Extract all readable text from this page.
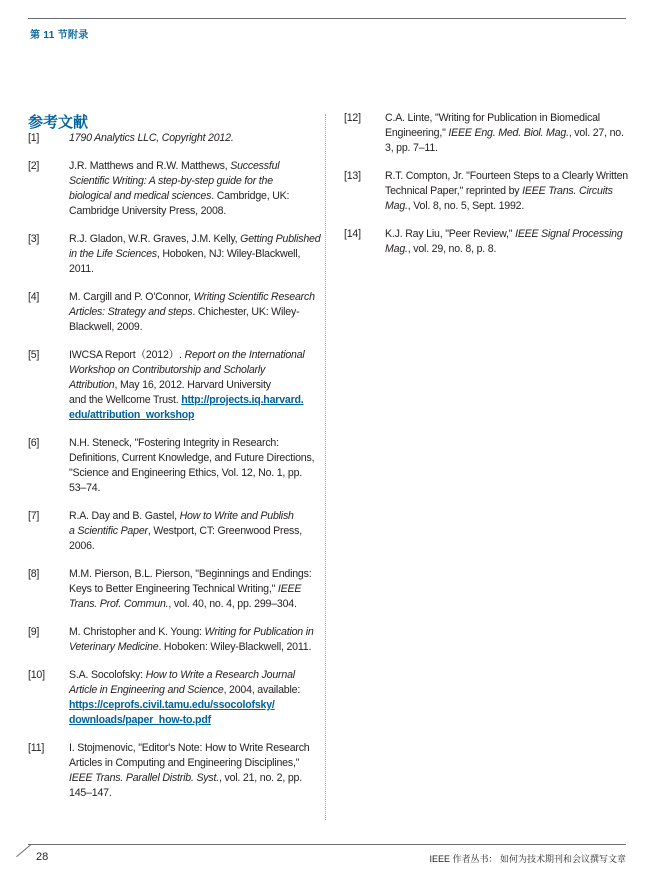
第 11 节附录
参考文献
[1]	1790 Analytics LLC, Copyright 2012.
[2]	J.R. Matthews and R.W. Matthews, Successful
Scientific Writing: A step-by-step guide for the
biological and medical sciences. Cambridge, UK:
Cambridge University Press, 2008.
[3]	R.J. Gladon, W.R. Graves, J.M. Kelly, Getting Published
in the Life Sciences, Hoboken, NJ: Wiley-Blackwell,
2011.
[4]	M. Cargill and P. O'Connor, Writing Scientific Research
Articles: Strategy and steps. Chichester, UK: Wiley-
Blackwell, 2009.
[5]	IWCSA Report（2012）. Report on the International
Workshop on Contributorship and Scholarly
Attribution, May 16, 2012. Harvard University
and the Wellcome Trust. http://projects.iq.harvard.
edu/attribution_workshop
[6]	N.H. Steneck, "Fostering Integrity in Research:
Definitions, Current Knowledge, and Future Directions,
"Science and Engineering Ethics, Vol. 12, No. 1, pp.
53–74.
[7]	R.A. Day and B. Gastel, How to Write and Publish
a Scientific Paper, Westport, CT: Greenwood Press,
2006.
[8]	M.M. Pierson, B.L. Pierson, "Beginnings and Endings:
Keys to Better Engineering Technical Writing," IEEE
Trans. Prof. Commun., vol. 40, no. 4, pp. 299–304.
[9]	M. Christopher and K. Young: Writing for Publication in
Veterinary Medicine. Hoboken: Wiley-Blackwell, 2011.
[10] S.A. Socolofsky: How to Write a Research Journal
Article in Engineering and Science, 2004, available:
https://ceprofs.civil.tamu.edu/ssocolofsky/
downloads/paper_how-to.pdf
[11] I. Stojmenovic, "Editor's Note: How to Write Research
Articles in Computing and Engineering Disciplines,"
IEEE Trans. Parallel Distrib. Syst., vol. 21, no. 2, pp.
145–147.
[12] C.A. Linte, "Writing for Publication in Biomedical
Engineering," IEEE Eng. Med. Biol. Mag., vol. 27, no.
3, pp. 7–11.
[13] R.T. Compton, Jr. "Fourteen Steps to a Clearly Written
Technical Paper," reprinted by IEEE Trans. Circuits
Mag., Vol. 8, no. 5, Sept. 1992.
[14] K.J. Ray Liu, "Peer Review," IEEE Signal Processing
Mag., vol. 29, no. 8, p. 8.
28	IEEE 作者丛书： 如何为技术期刊和会议撰写文章
